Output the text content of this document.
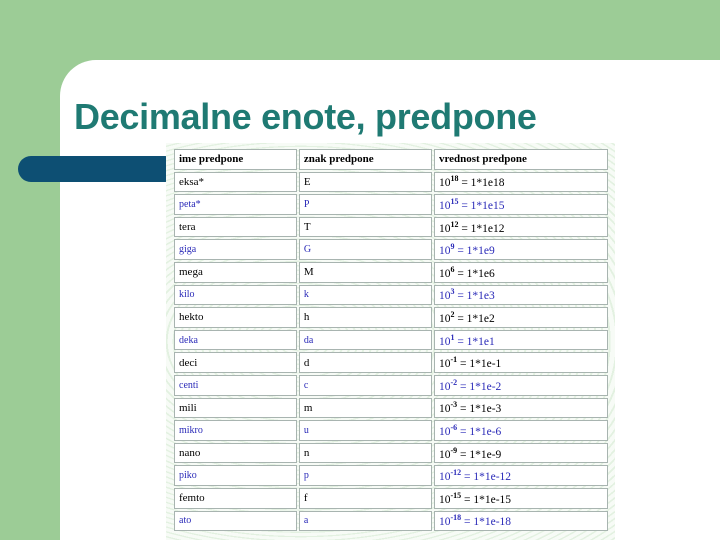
Decimalne enote, predpone
ime predpone	znak predpone	vrednost predpone
eksa*	E	$10^{18} = 1*1e18$
peta*	P	$10^{15} = 1*1e15$
tera	T	$10^{12} = 1*1e12$
giga	G	$10^9 = 1*1e9$
mega	M	$10^6 = 1*1e6$
kilo	k	$10^3 = 1*1e3$
hekto	h	$10^2 = 1*1e2$
deka	da	$10^1 = 1*1e1$
deci	d	$10^{-1} = 1*1e-1$
centi	c	$10^{-2} = 1*1e-2$
mili	m	$10^{-3} = 1*1e-3$
mikro	u	$10^{-6} = 1*1e-6$
nano	n	$10^{-9} = 1*1e-9$
piko	p	$10^{-12} = 1*1e-12$
femto	f	$10^{-15} = 1*1e-15$
ato	a	$10^{-18} = 1*1e-18$
